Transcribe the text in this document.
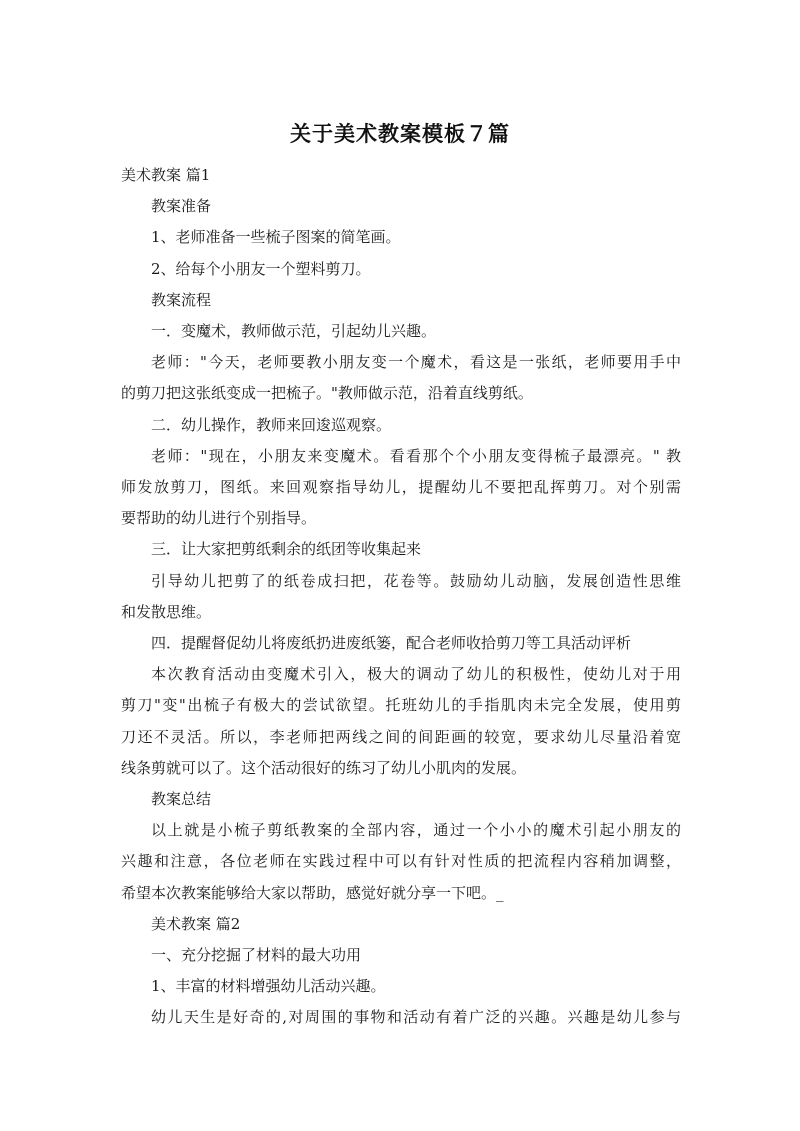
关于美术教案模板７篇

美术教案 篇1

教案准备

1、老师准备一些梳子图案的简笔画。

2、给每个小朋友一个塑料剪刀。

教案流程

一．变魔术，教师做示范，引起幼儿兴趣。

老师："今天，老师要教小朋友变一个魔术，看这是一张纸，老师要用手中

的剪刀把这张纸变成一把梳子。"教师做示范，沿着直线剪纸。

二．幼儿操作，教师来回逡巡观察。

老师："现在，小朋友来变魔术。看看那个个小朋友变得梳子最漂亮。" 教

师发放剪刀，图纸。来回观察指导幼儿，提醒幼儿不要把乱挥剪刀。对个别需

要帮助的幼儿进行个别指导。

三．让大家把剪纸剩余的纸团等收集起来

引导幼儿把剪了的纸卷成扫把，花卷等。鼓励幼儿动脑，发展创造性思维

和发散思维。

四．提醒督促幼儿将废纸扔进废纸篓，配合老师收拾剪刀等工具活动评析

本次教育活动由变魔术引入，极大的调动了幼儿的积极性，使幼儿对于用

剪刀"变"出梳子有极大的尝试欲望。托班幼儿的手指肌肉未完全发展，使用剪

刀还不灵活。所以，李老师把两线之间的间距画的较宽，要求幼儿尽量沿着宽

线条剪就可以了。这个活动很好的练习了幼儿小肌肉的发展。

教案总结

以上就是小梳子剪纸教案的全部内容，通过一个小小的魔术引起小朋友的

兴趣和注意，各位老师在实践过程中可以有针对性质的把流程内容稍加调整，

希望本次教案能够给大家以帮助，感觉好就分享一下吧。_

美术教案 篇2

一、充分挖掘了材料的最大功用

1、丰富的材料增强幼儿活动兴趣。

幼儿天生是好奇的,对周围的事物和活动有着广泛的兴趣。兴趣是幼儿参与
